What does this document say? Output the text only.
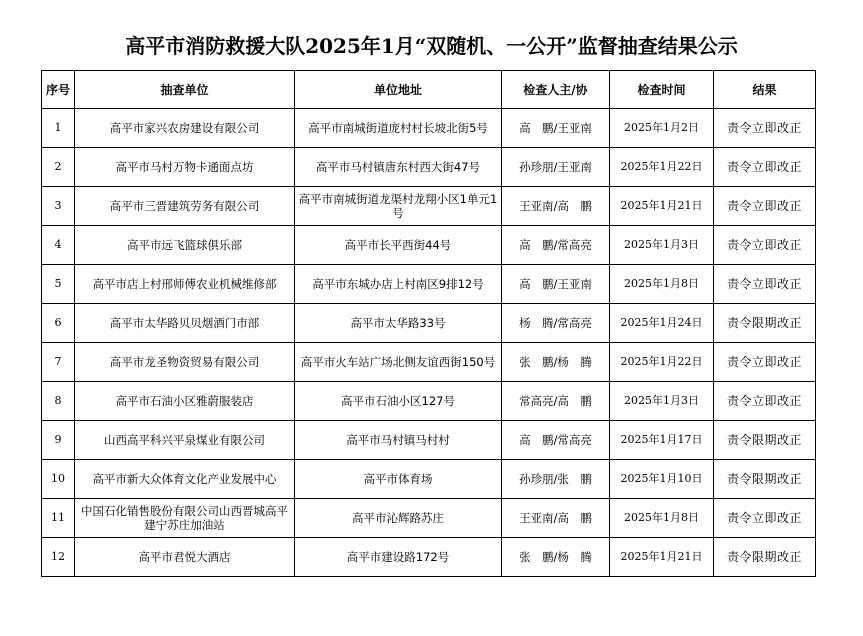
高平市消防救援大队2025年1月“双随机、一公开”监督抽查结果公示
序号	抽查单位	单位地址	检查人主/协	检查时间	结果
1	高平市家兴农房建设有限公司	高平市南城街道庞村村长坡北街5号	高　鹏/王亚南	2025年1月2日	责令立即改正
2	高平市马村万物卡通面点坊	高平市马村镇唐东村西大街47号	孙珍朋/王亚南	2025年1月22日	责令立即改正
3	高平市三晋建筑劳务有限公司	高平市南城街道龙渠村龙翔小区1单元1号	王亚南/高　鹏	2025年1月21日	责令立即改正
4	高平市远飞篮球俱乐部	高平市长平西街44号	高　鹏/常高亮	2025年1月3日	责令立即改正
5	高平市店上村邢师傅农业机械维修部	高平市东城办店上村南区9排12号	高　鹏/王亚南	2025年1月8日	责令立即改正
6	高平市太华路贝贝烟酒门市部	高平市太华路33号	杨　腾/常高亮	2025年1月24日	责令限期改正
7	高平市龙圣物资贸易有限公司	高平市火车站广场北侧友谊西街150号	张　鹏/杨　腾	2025年1月22日	责令立即改正
8	高平市石油小区雅蔚服装店	高平市石油小区127号	常高亮/高　鹏	2025年1月3日	责令立即改正
9	山西高平科兴平泉煤业有限公司	高平市马村镇马村村	高　鹏/常高亮	2025年1月17日	责令限期改正
10	高平市新大众体育文化产业发展中心	高平市体育场	孙珍朋/张　鹏	2025年1月10日	责令限期改正
11	中国石化销售股份有限公司山西晋城高平建宁苏庄加油站	高平市沁辉路苏庄	王亚南/高　鹏	2025年1月8日	责令立即改正
12	高平市君悦大酒店	高平市建设路172号	张　鹏/杨　腾	2025年1月21日	责令限期改正
